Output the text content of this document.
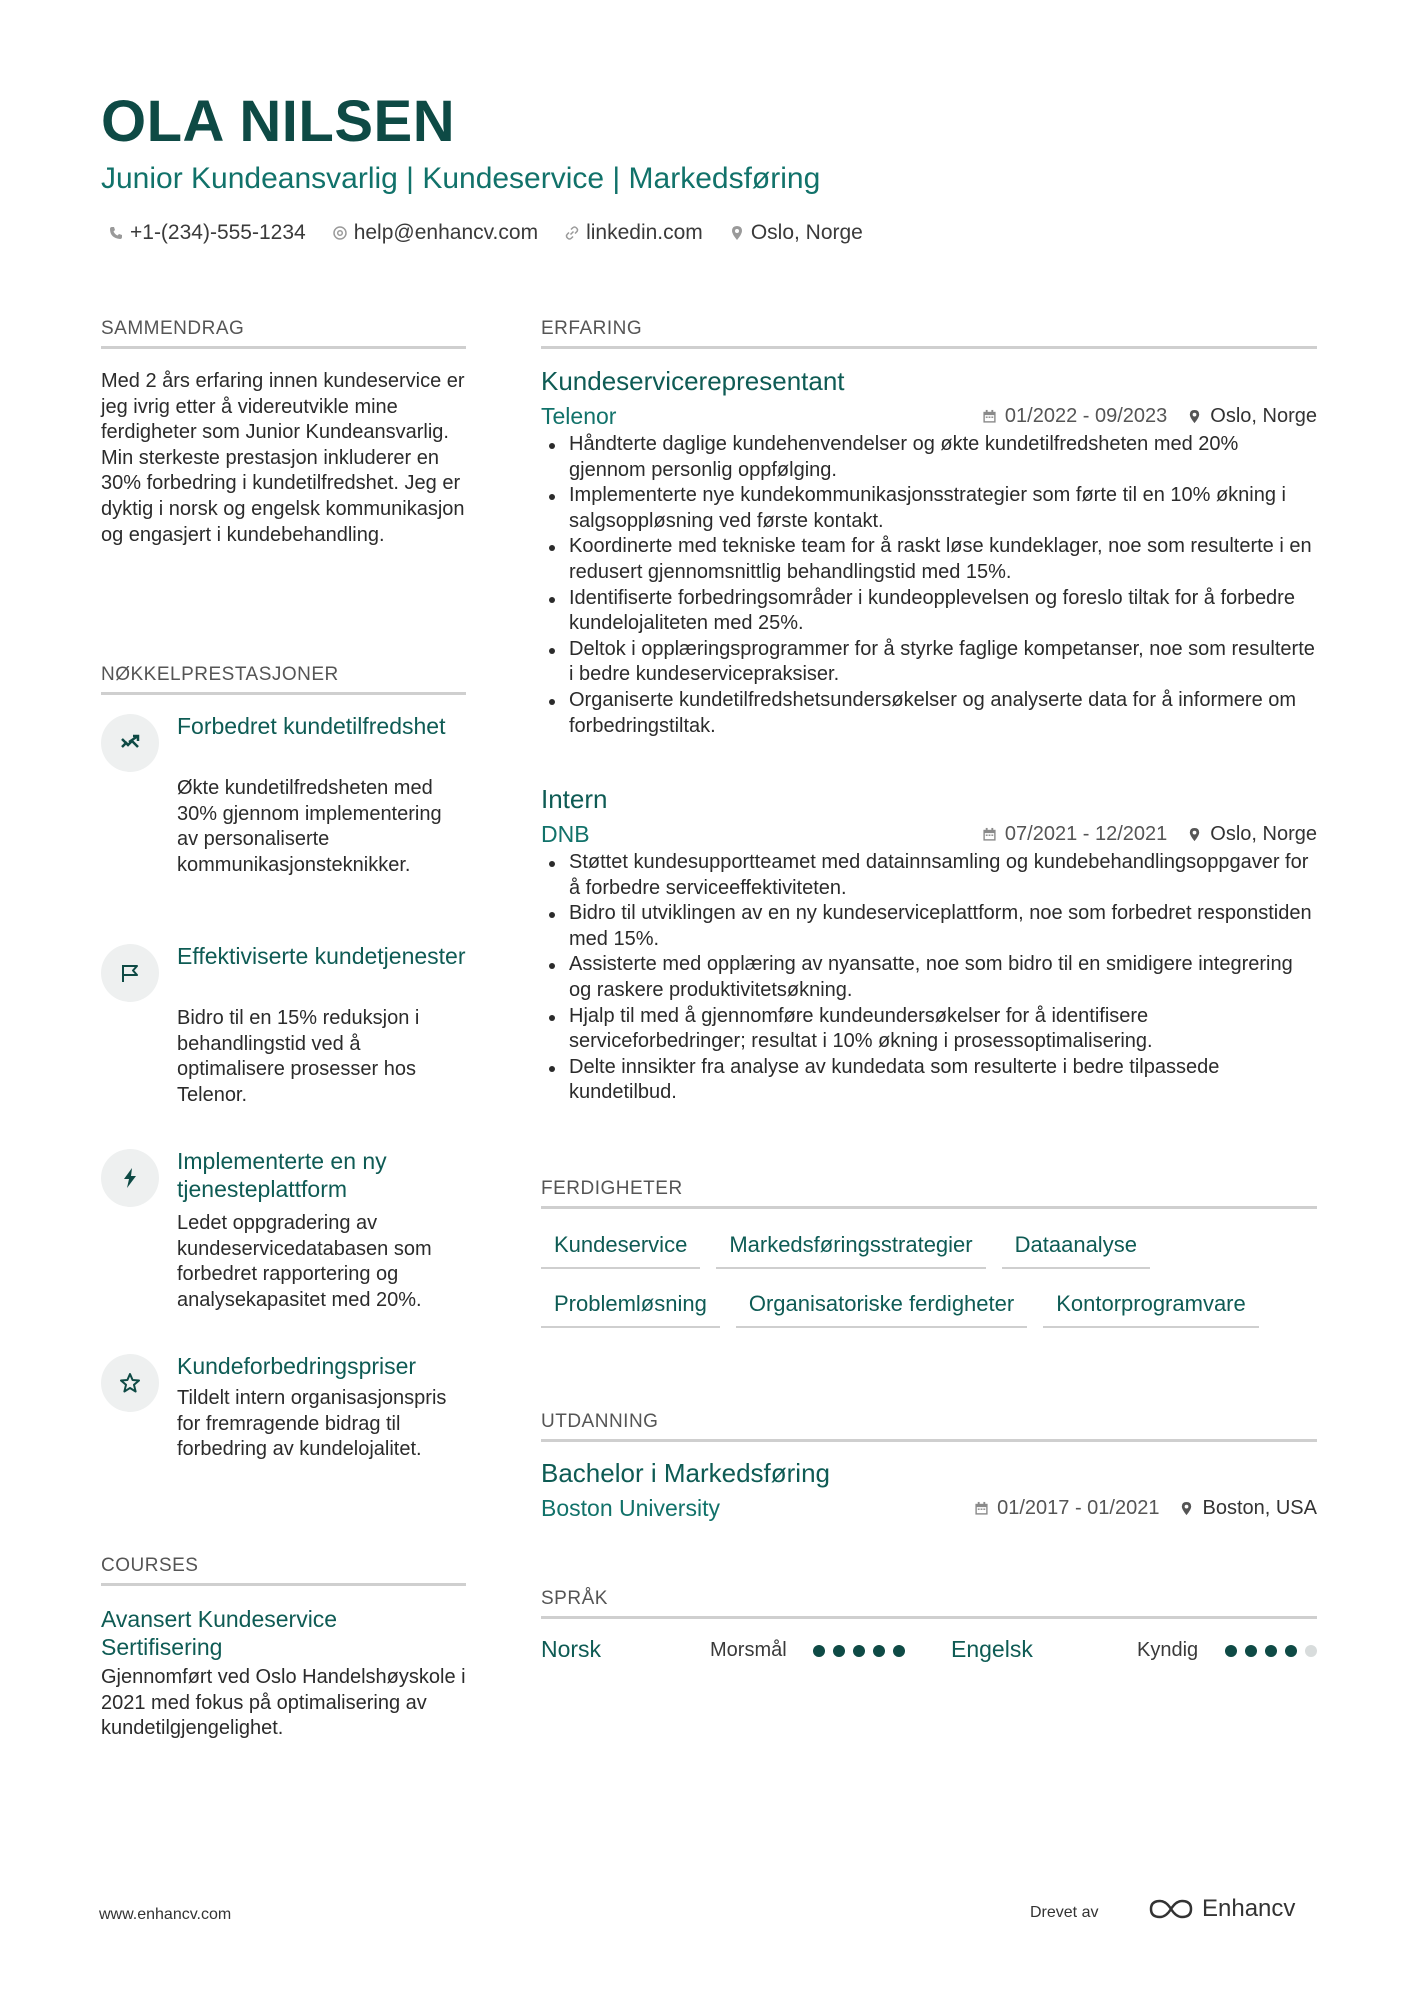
OLA NILSEN
Junior Kundeansvarlig | Kundeservice | Markedsføring
+1-(234)-555-1234 help@enhancv.com linkedin.com Oslo, Norge
SAMMENDRAG
Med 2 års erfaring innen kundeservice er jeg ivrig etter å videreutvikle mine ferdigheter som Junior Kundeansvarlig. Min sterkeste prestasjon inkluderer en 30% forbedring i kundetilfredshet. Jeg er dyktig i norsk og engelsk kommunikasjon og engasjert i kundebehandling.
NØKKELPRESTASJONER
Forbedret kundetilfredshet
Økte kundetilfredsheten med 30% gjennom implementering av personaliserte kommunikasjonsteknikker.
Effektiviserte kundetjenester
Bidro til en 15% reduksjon i behandlingstid ved å optimalisere prosesser hos Telenor.
Implementerte en ny tjenesteplattform
Ledet oppgradering av kundeservicedatabasen som forbedret rapportering og analysekapasitet med 20%.
Kundeforbedringspriser
Tildelt intern organisasjonspris for fremragende bidrag til forbedring av kundelojalitet.
COURSES
Avansert Kundeservice Sertifisering
Gjennomført ved Oslo Handelshøyskole i 2021 med fokus på optimalisering av kundetilgjengelighet.
ERFARING
Kundeservicerepresentant
Telenor	01/2022 - 09/2023 Oslo, Norge
Håndterte daglige kundehenvendelser og økte kundetilfredsheten med 20% gjennom personlig oppfølging.
Implementerte nye kundekommunikasjonsstrategier som førte til en 10% økning i salgsoppløsning ved første kontakt.
Koordinerte med tekniske team for å raskt løse kundeklager, noe som resulterte i en redusert gjennomsnittlig behandlingstid med 15%.
Identifiserte forbedringsområder i kundeopplevelsen og foreslo tiltak for å forbedre kundelojaliteten med 25%.
Deltok i opplæringsprogrammer for å styrke faglige kompetanser, noe som resulterte i bedre kundeservicepraksiser.
Organiserte kundetilfredshetsundersøkelser og analyserte data for å informere om forbedringstiltak.
Intern
DNB	07/2021 - 12/2021 Oslo, Norge
Støttet kundesupportteamet med datainnsamling og kundebehandlingsoppgaver for å forbedre serviceeffektiviteten.
Bidro til utviklingen av en ny kundeserviceplattform, noe som forbedret responstiden med 15%.
Assisterte med opplæring av nyansatte, noe som bidro til en smidigere integrering og raskere produktivitetsøkning.
Hjalp til med å gjennomføre kundeundersøkelser for å identifisere serviceforbedringer; resultat i 10% økning i prosessoptimalisering.
Delte innsikter fra analyse av kundedata som resulterte i bedre tilpassede kundetilbud.
FERDIGHETER
Kundeservice	Markedsføringsstrategier	Dataanalyse
Problemløsning	Organisatoriske ferdigheter	Kontorprogramvare
UTDANNING
Bachelor i Markedsføring
Boston University	01/2017 - 01/2021 Boston, USA
SPRÅK
Norsk	Morsmål	Engelsk	Kyndig
www.enhancv.com	Drevet av	Enhancv
